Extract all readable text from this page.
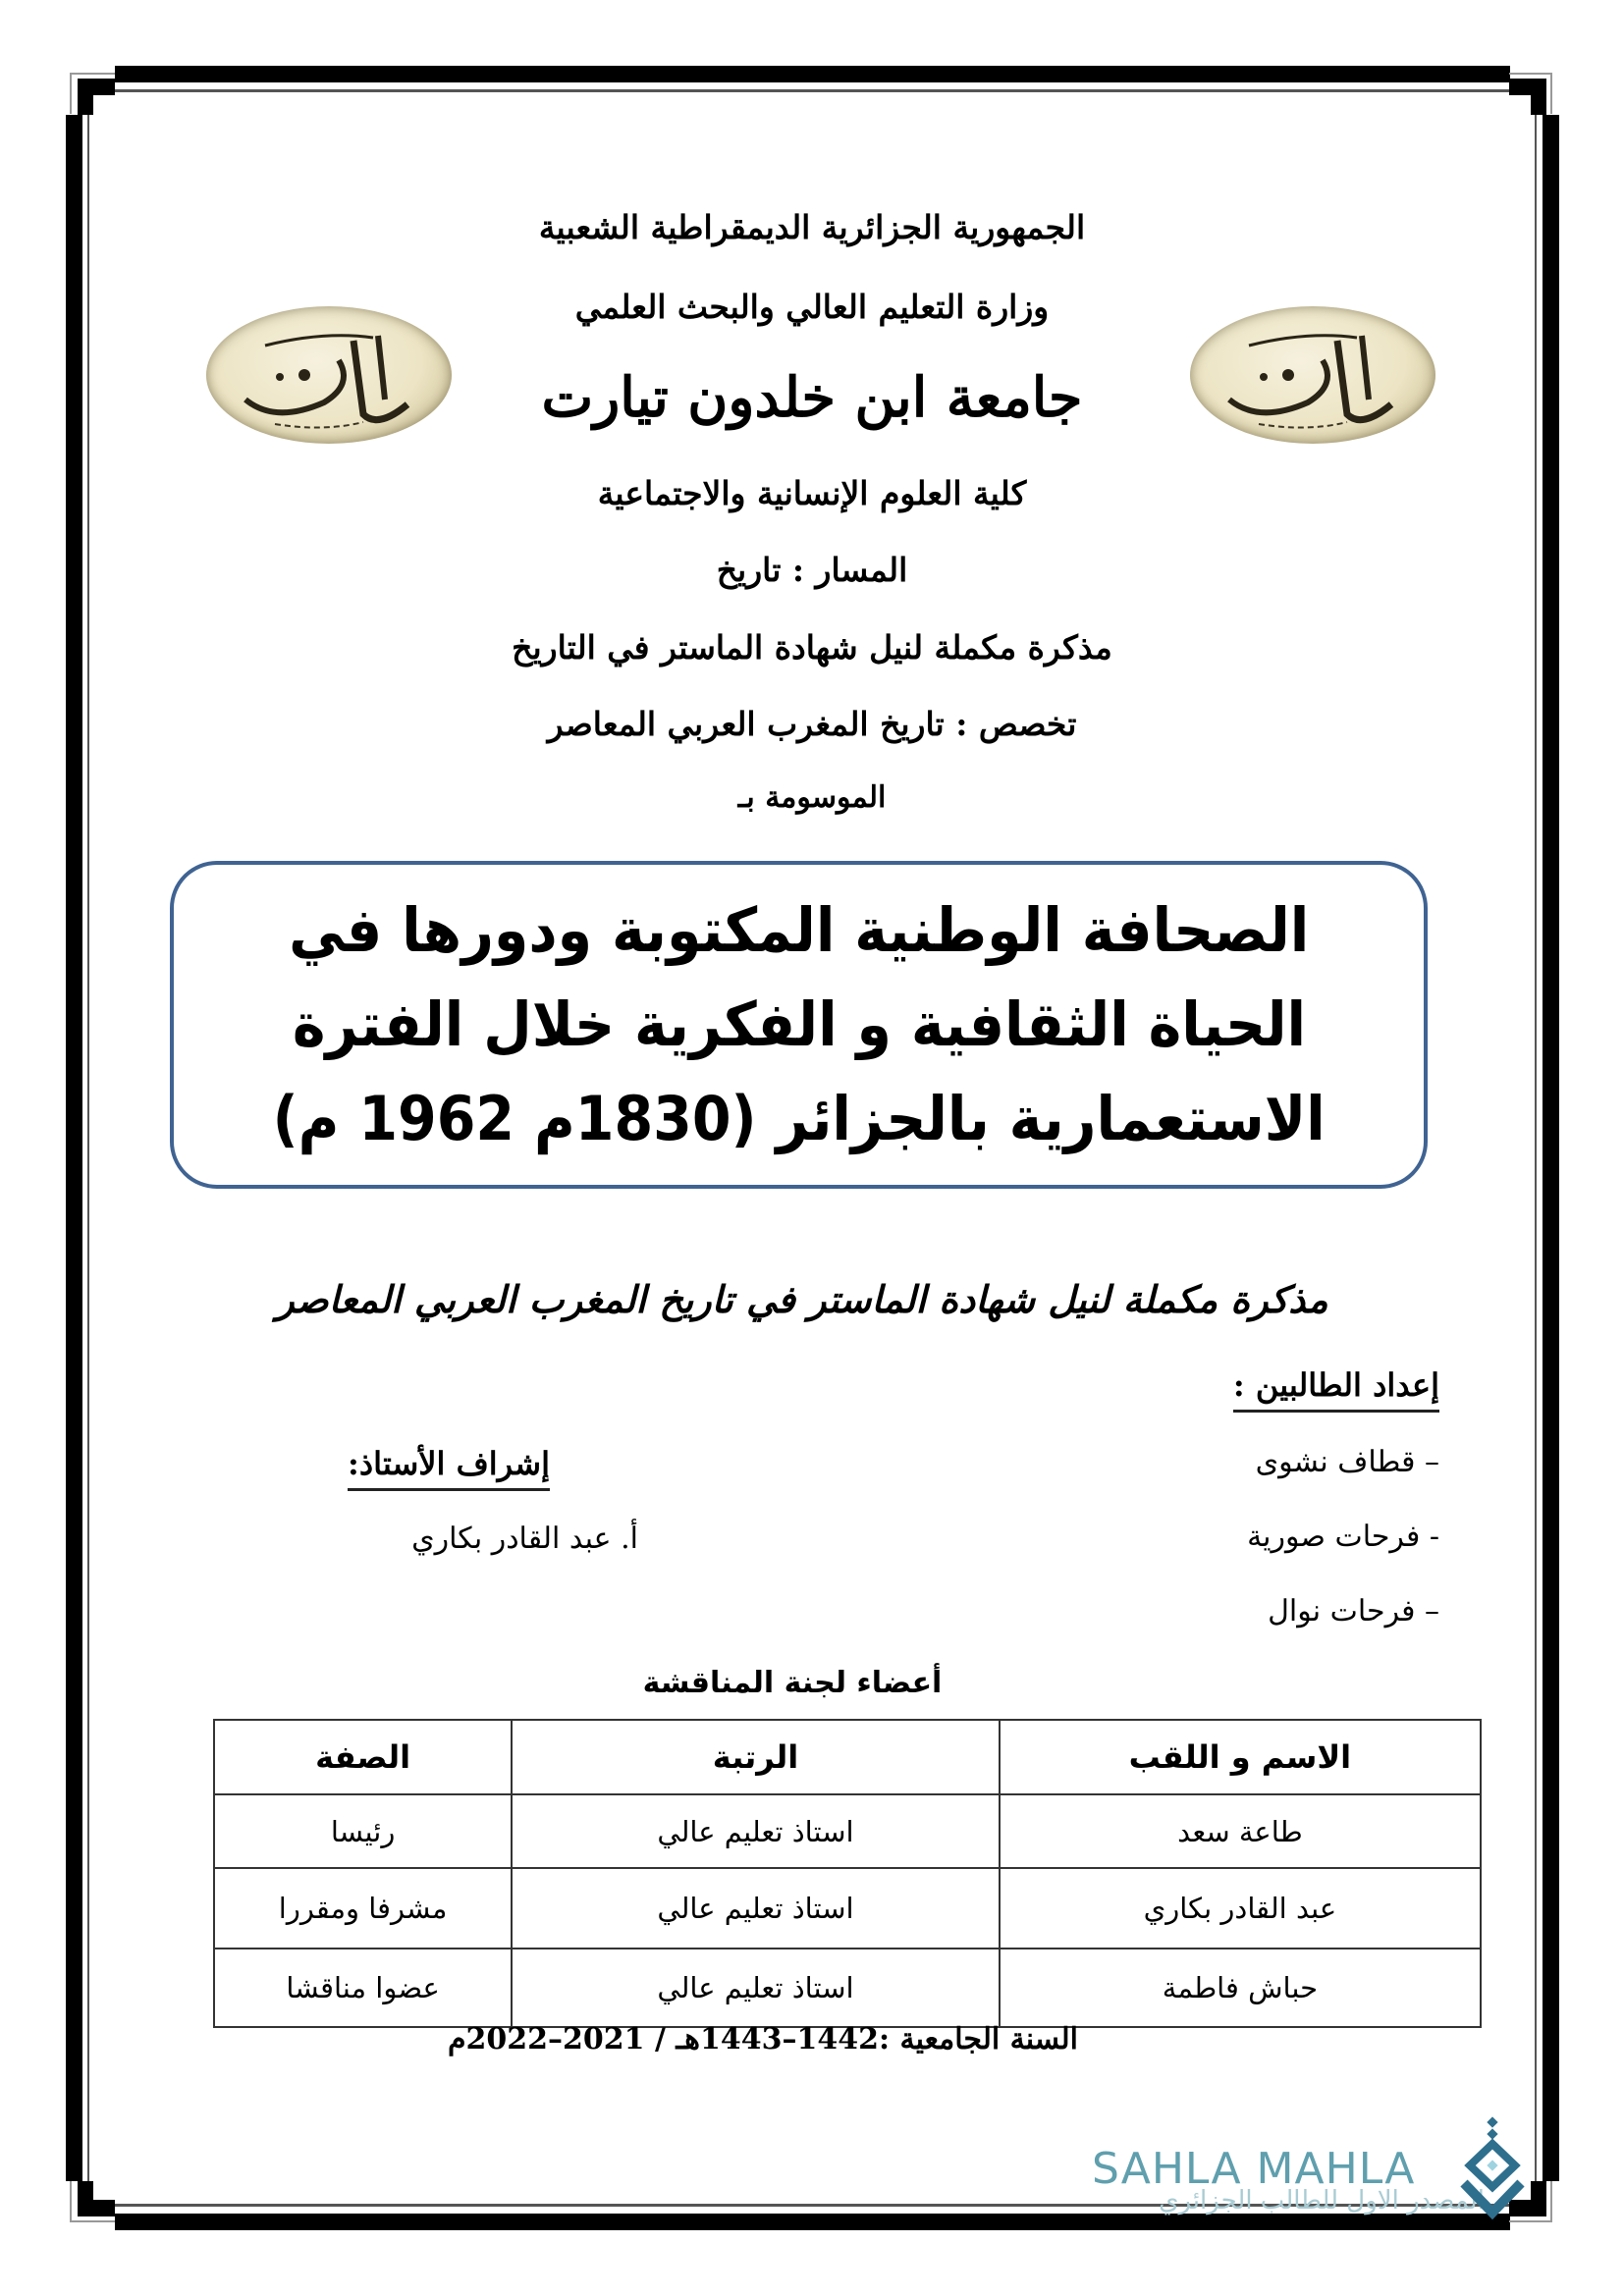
الجمهورية الجزائرية الديمقراطية الشعبية
وزارة التعليم العالي والبحث العلمي
جامعة ابن خلدون تيارت
كلية العلوم الإنسانية والاجتماعية
المسار : تاريخ
مذكرة مكملة لنيل شهادة الماستر في التاريخ
تخصص : تاريخ المغرب العربي المعاصر
الموسومة بـ
الصحافة الوطنية المكتوبة ودورها في
الحياة الثقافية و الفكرية خلال الفترة
الاستعمارية بالجزائر (1830م 1962 م)
مذكرة مكملة لنيل شهادة الماستر في تاريخ المغرب العربي المعاصر
إعداد الطالبين :
– قطاف نشوى
- فرحات صورية
– فرحات نوال
إشراف الأستاذ:
أ. عبد القادر بكاري
أعضاء لجنة المناقشة
الاسم و اللقب	الرتبة	الصفة
طاعة سعد	استاذ تعليم عالي	رئيسا
عبد القادر بكاري	استاذ تعليم عالي	مشرفا ومقررا
حباش فاطمة	استاذ تعليم عالي	عضوا مناقشا
السنة الجامعية :1442–1443هـ / 2021–2022م
SAHLA MAHLA
المصدر الاول للطالب الجزائري
